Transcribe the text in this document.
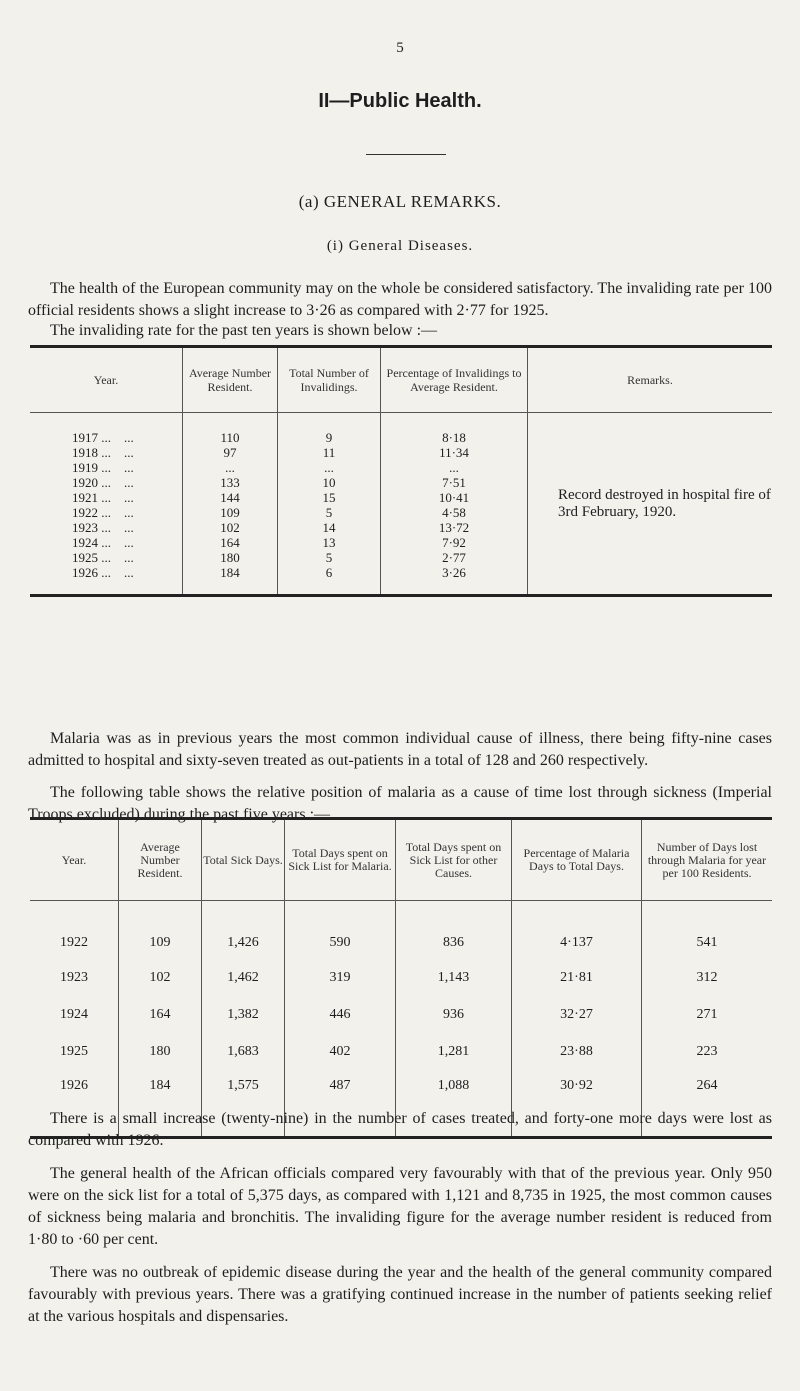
5
II—Public Health.
(a) GENERAL REMARKS.
(i) General Diseases.
The health of the European community may on the whole be considered satisfactory. The invaliding rate per 100 official residents shows a slight increase to 3·26 as compared with 2·77 for 1925.
The invaliding rate for the past ten years is shown below :—
Year.	Average Number Resident.	Total Number of Invalidings.	Percentage of Invalidings to Average Resident.	Remarks.
1917 ...    ...	110	9	8·18	Record destroyed in hospital fire of 3rd February, 1920.
1918 ...    ...	97	11	11·34	
1919 ...    ...	...	...	...	
1920 ...    ...	133	10	7·51	
1921 ...    ...	144	15	10·41	
1922 ...    ...	109	5	4·58	
1923 ...    ...	102	14	13·72	
1924 ...    ...	164	13	7·92	
1925 ...    ...	180	5	2·77	
1926 ...    ...	184	6	3·26	
Malaria was as in previous years the most common individual cause of illness, there being fifty-nine cases admitted to hospital and sixty-seven treated as out-patients in a total of 128 and 260 respectively.
The following table shows the relative position of malaria as a cause of time lost through sickness (Imperial Troops excluded) during the past five years :—
Year.	Average Number Resident.	Total Sick Days.	Total Days spent on Sick List for Malaria.	Total Days spent on Sick List for other Causes.	Percentage of Malaria Days to Total Days.	Number of Days lost through Malaria for year per 100 Residents.
1922	109	1,426	590	836	4·137	541
1923	102	1,462	319	1,143	21·81	312
1924	164	1,382	446	936	32·27	271
1925	180	1,683	402	1,281	23·88	223
1926	184	1,575	487	1,088	30·92	264
There is a small increase (twenty-nine) in the number of cases treated, and forty-one more days were lost as compared with 1926.
The general health of the African officials compared very favourably with that of the previous year. Only 950 were on the sick list for a total of 5,375 days, as compared with 1,121 and 8,735 in 1925, the most common causes of sickness being malaria and bronchitis. The invaliding figure for the average number resident is reduced from 1·80 to ·60 per cent.
There was no outbreak of epidemic disease during the year and the health of the general community compared favourably with previous years. There was a gratifying continued increase in the number of patients seeking relief at the various hospitals and dispensaries.
